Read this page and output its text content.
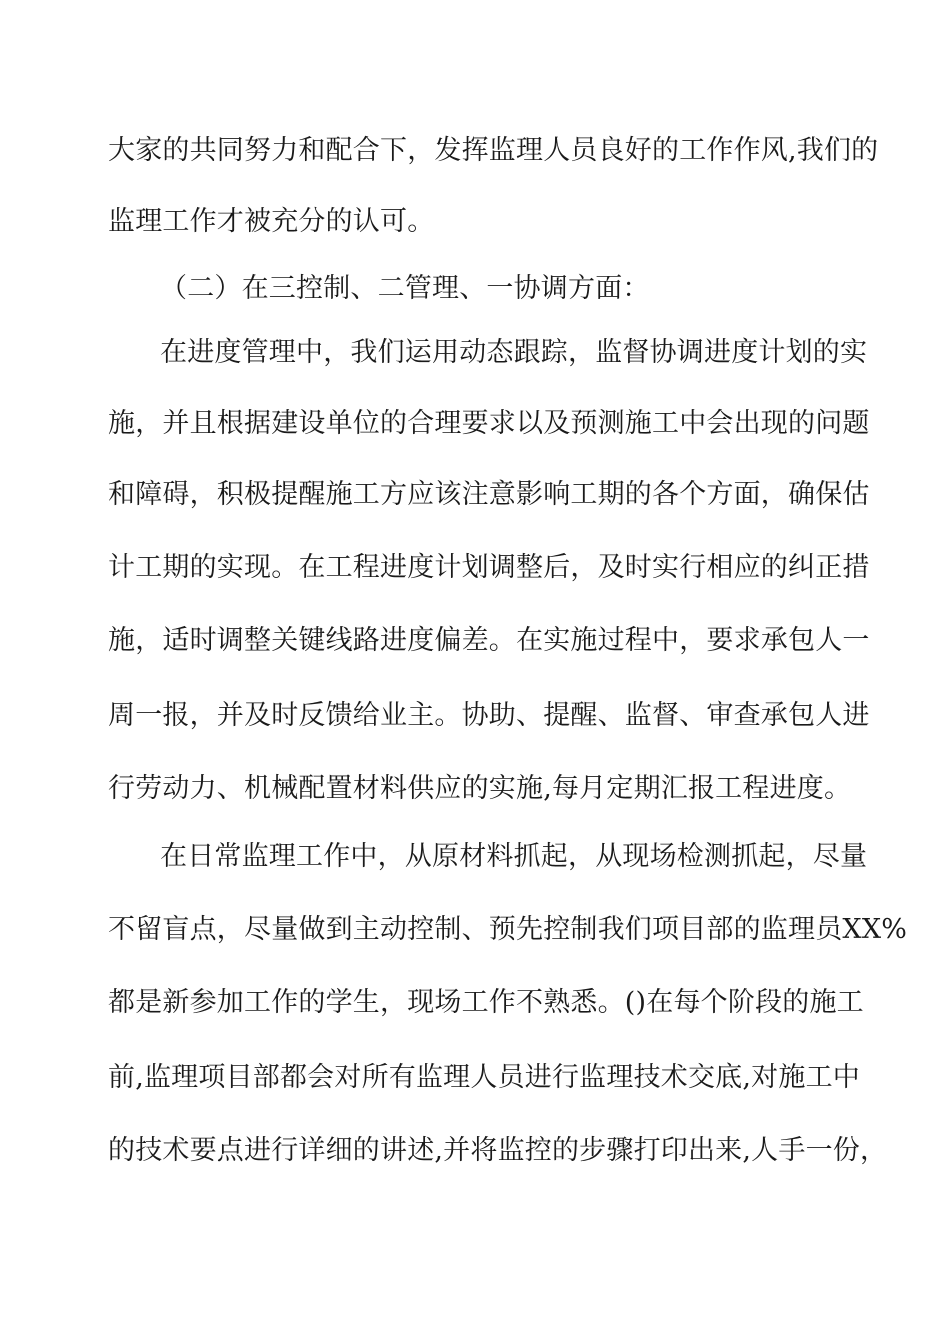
大家的共同努力和配合下，发挥监理人员良好的工作作风,我们的
监理工作才被充分的认可。
（二）在三控制、二管理、一协调方面：
在进度管理中，我们运用动态跟踪，监督协调进度计划的实
施，并且根据建设单位的合理要求以及预测施工中会出现的问题
和障碍，积极提醒施工方应该注意影响工期的各个方面，确保估
计工期的实现。在工程进度计划调整后，及时实行相应的纠正措
施，适时调整关键线路进度偏差。在实施过程中，要求承包人一
周一报，并及时反馈给业主。协助、提醒、监督、审查承包人进
行劳动力、机械配置材料供应的实施,每月定期汇报工程进度。
在日常监理工作中，从原材料抓起，从现场检测抓起，尽量
不留盲点，尽量做到主动控制、预先控制我们项目部的监理员XX%
都是新参加工作的学生，现场工作不熟悉。()在每个阶段的施工
前,监理项目部都会对所有监理人员进行监理技术交底,对施工中
的技术要点进行详细的讲述,并将监控的步骤打印出来,人手一份，
